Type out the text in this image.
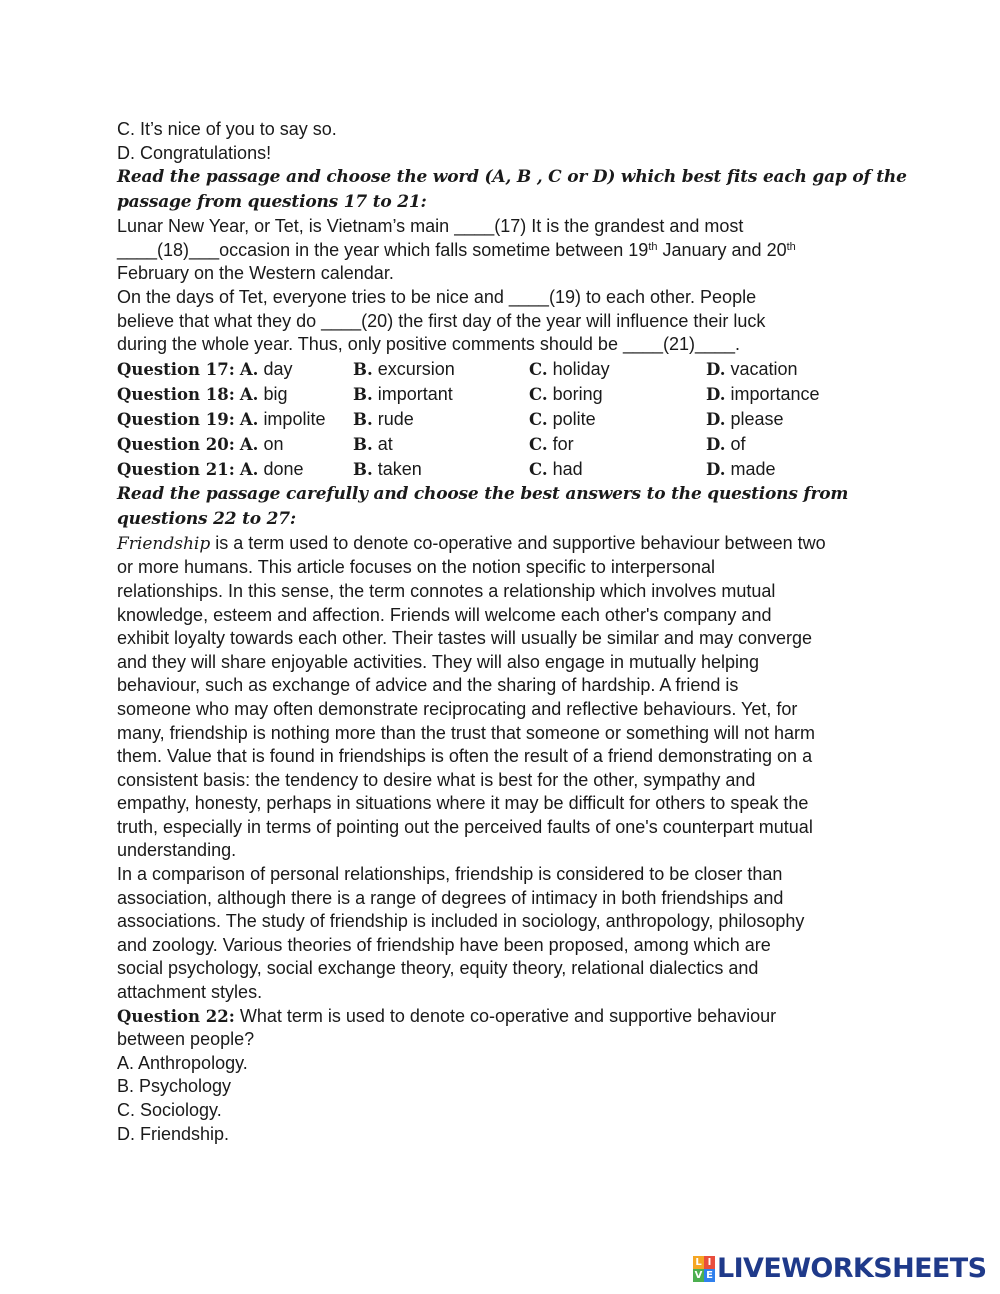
C. It’s nice of you to say so.
D. Congratulations!
Read the passage and choose the word (A, B , C or D) which best fits each gap of the
passage from questions 17 to 21:
Lunar New Year, or Tet, is Vietnam’s main ____(17) It is the grandest and most
____(18)___occasion in the year which falls sometime between 19th January and 20th
February on the Western calendar.
On the days of Tet, everyone tries to be nice and ____(19) to each other. People
believe that what they do ____(20) the first day of the year will influence their luck
during the whole year. Thus, only positive comments should be ____(21)____.
Question 17: A. day	B. excursion	C. holiday	D. vacation
Question 18: A. big	B. important	C. boring	D. importance
Question 19: A. impolite B. rude	C. polite	D. please
Question 20: A. on	B. at	C. for	D. of
Question 21: A. done	B. taken	C. had	D. made
Read the passage carefully and choose the best answers to the questions from
questions 22 to 27:
Friendship is a term used to denote co-operative and supportive behaviour between two
or more humans. This article focuses on the notion specific to interpersonal
relationships. In this sense, the term connotes a relationship which involves mutual
knowledge, esteem and affection. Friends will welcome each other's company and
exhibit loyalty towards each other. Their tastes will usually be similar and may converge
and they will share enjoyable activities. They will also engage in mutually helping
behaviour, such as exchange of advice and the sharing of hardship. A friend is
someone who may often demonstrate reciprocating and reflective behaviours. Yet, for
many, friendship is nothing more than the trust that someone or something will not harm
them. Value that is found in friendships is often the result of a friend demonstrating on a
consistent basis: the tendency to desire what is best for the other, sympathy and
empathy, honesty, perhaps in situations where it may be difficult for others to speak the
truth, especially in terms of pointing out the perceived faults of one's counterpart mutual
understanding.
In a comparison of personal relationships, friendship is considered to be closer than
association, although there is a range of degrees of intimacy in both friendships and
associations. The study of friendship is included in sociology, anthropology, philosophy
and zoology. Various theories of friendship have been proposed, among which are
social psychology, social exchange theory, equity theory, relational dialectics and
attachment styles.
Question 22: What term is used to denote co-operative and supportive behaviour
between people?
A. Anthropology.
B. Psychology
C. Sociology.
D. Friendship.
L I
V E LIVEWORKSHEETS
